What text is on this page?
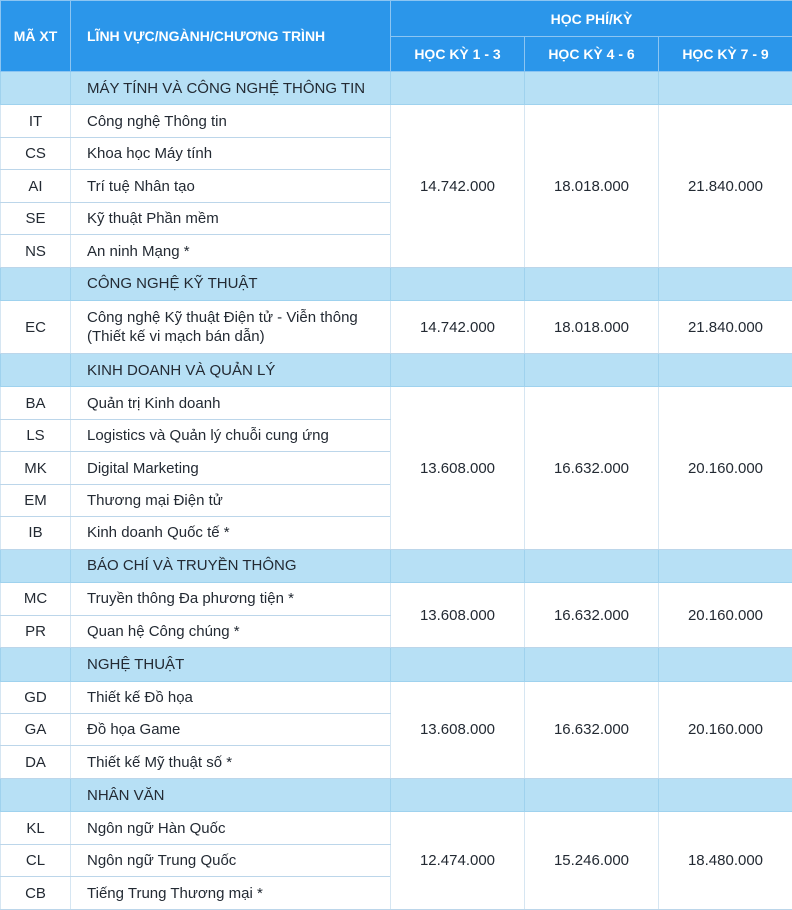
MÃ XT	LĨNH VỰC/NGÀNH/CHƯƠNG TRÌNH	HỌC PHÍ/KỲ		
		HỌC KỲ 1 - 3	HỌC KỲ 4 - 6	HỌC KỲ 7 - 9
	MÁY TÍNH VÀ CÔNG NGHỆ THÔNG TIN			
IT	Công nghệ Thông tin	14.742.000	18.018.000	21.840.000
CS	Khoa học Máy tính			
AI	Trí tuệ Nhân tạo			
SE	Kỹ thuật Phần mềm			
NS	An ninh Mạng *			
	CÔNG NGHỆ KỸ THUẬT			
EC	Công nghệ Kỹ thuật Điện tử - Viễn thông (Thiết kế vi mạch bán dẫn)	14.742.000	18.018.000	21.840.000
	KINH DOANH VÀ QUẢN LÝ			
BA	Quản trị Kinh doanh	13.608.000	16.632.000	20.160.000
LS	Logistics và Quản lý chuỗi cung ứng			
MK	Digital Marketing			
EM	Thương mại Điện tử			
IB	Kinh doanh Quốc tế *			
	BÁO CHÍ VÀ TRUYỀN THÔNG			
MC	Truyền thông Đa phương tiện *	13.608.000	16.632.000	20.160.000
PR	Quan hệ Công chúng *			
	NGHỆ THUẬT			
GD	Thiết kế Đồ họa	13.608.000	16.632.000	20.160.000
GA	Đồ họa Game			
DA	Thiết kế Mỹ thuật số *			
	NHÂN VĂN			
KL	Ngôn ngữ Hàn Quốc	12.474.000	15.246.000	18.480.000
CL	Ngôn ngữ Trung Quốc			
CB	Tiếng Trung Thương mại *			
